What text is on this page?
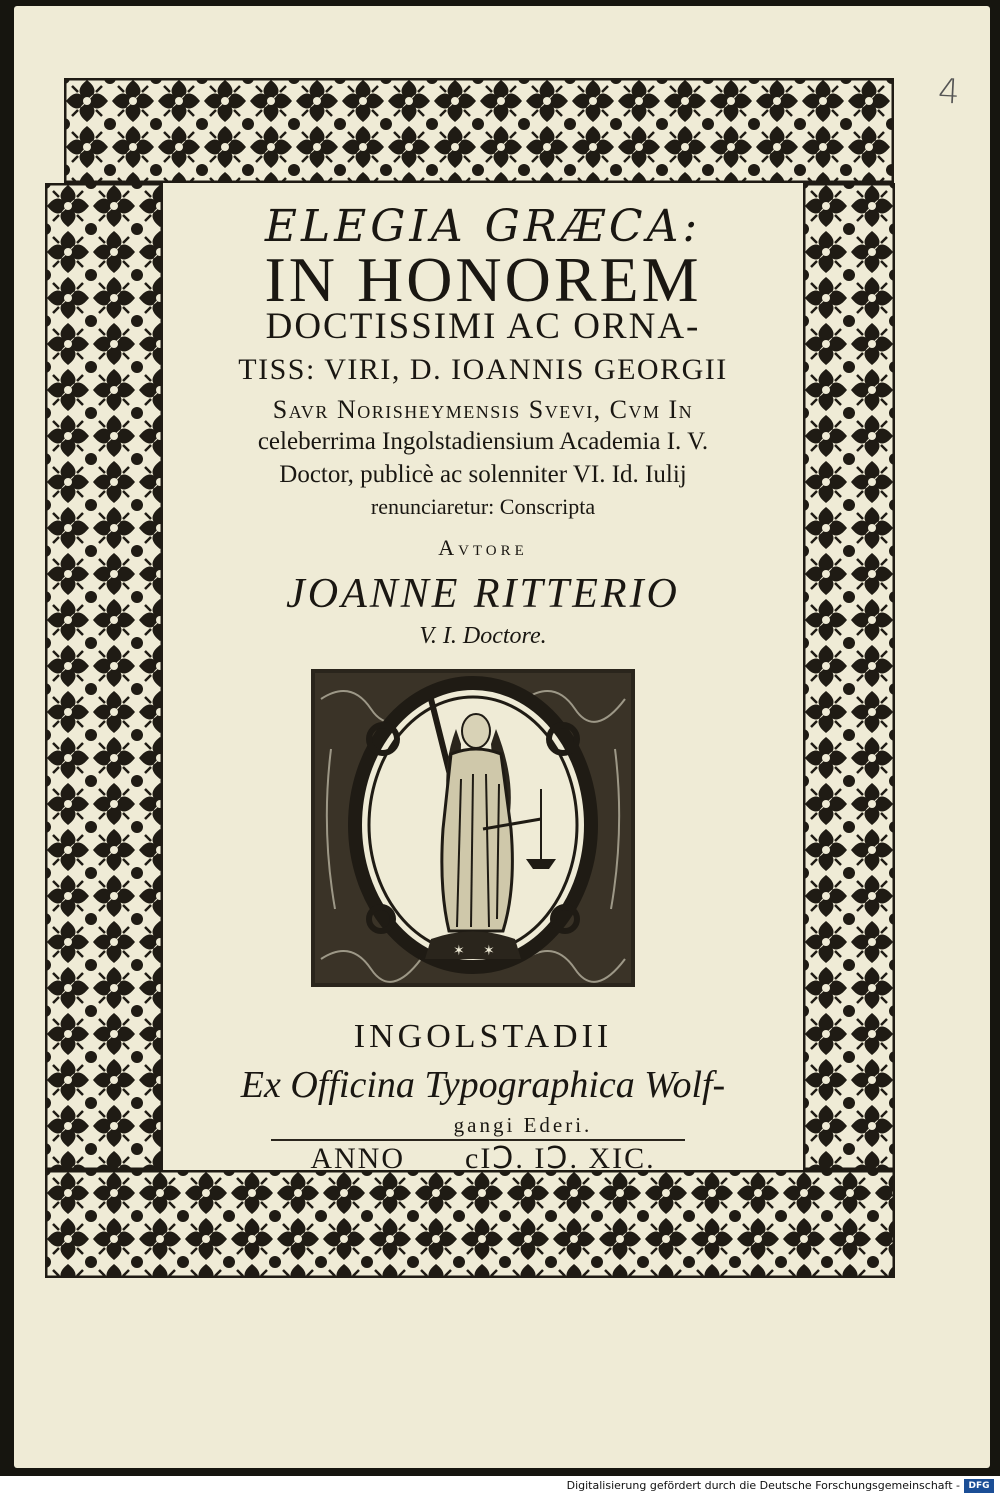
4
ELEGIA GRÆCA:
IN HONOREM
DOCTISSIMI AC ORNA-
TISS: VIRI, D. IOANNIS GEORGII
Savr Norisheymensis Svevi, Cvm In
celeberrima Ingolstadiensium Academia I. V.
Doctor, publicè ac solenniter VI. Id. Iulij
renunciaretur: Conscripta
Avtore
JOANNE RITTERIO
V. I. Doctore.
✶ ✶
INGOLSTADII
Ex Officina Typographica Wolf-
gangi Ederi.
ANNO cIↃ. IↃ. XIC.
Digitalisierung gefördert durch die Deutsche Forschungsgemeinschaft - DFG
